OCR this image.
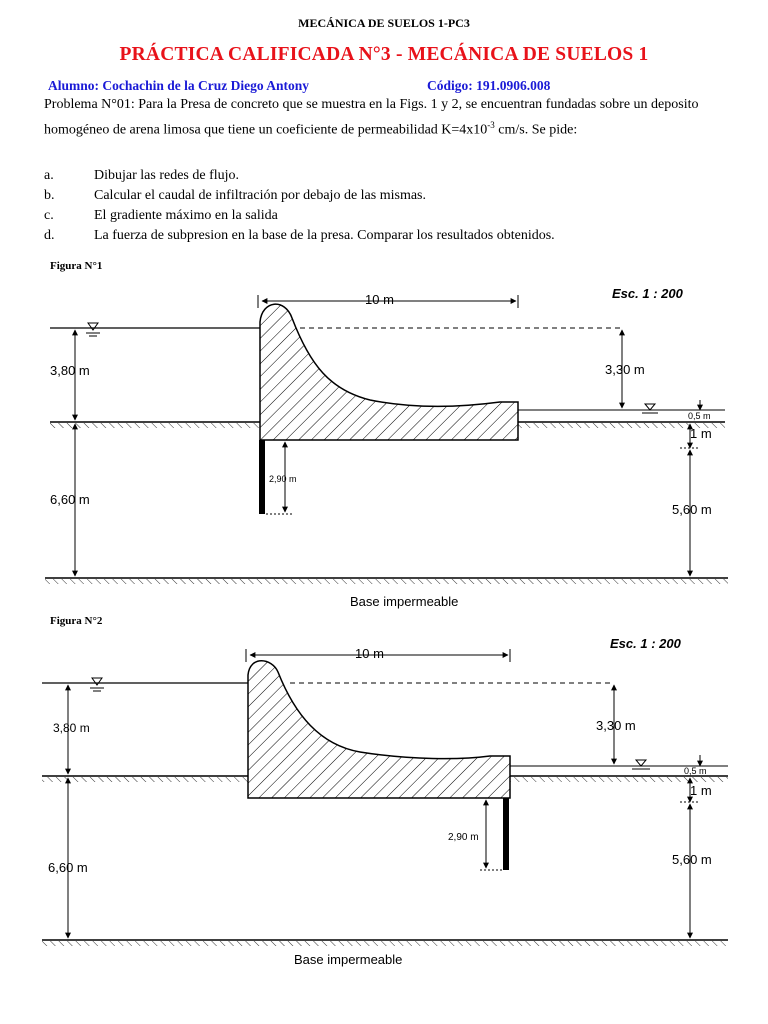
MECÁNICA DE SUELOS 1-PC3
PRÁCTICA CALIFICADA N°3 - MECÁNICA DE SUELOS 1
Alumno: Cochachin de la Cruz Diego Antony	Código: 191.0906.008
Problema N°01: Para la Presa de concreto que se muestra en la Figs. 1 y 2, se encuentran fundadas sobre un deposito homogéneo de arena limosa que tiene un coeficiente de permeabilidad $K=4x10^{-3}$ cm/s. Se pide:
a.	Dibujar las redes de flujo.
b.	Calcular el caudal de infiltración por debajo de las mismas.
c.	El gradiente máximo en la salida
d.	La fuerza de subpresion en la base de la presa. Comparar los resultados obtenidos.
Figura N°1
Esc. 1 : 200
10 m
3,80 m	3,30 m
0,5 m
1 m
6,60 m
2,90 m
5,60 m
Base impermeable
Figura N°2
Esc. 1 : 200
10 m
3,80 m	3,30 m
0,5 m
1 m
6,60 m
2,90 m
5,60 m
Base impermeable
